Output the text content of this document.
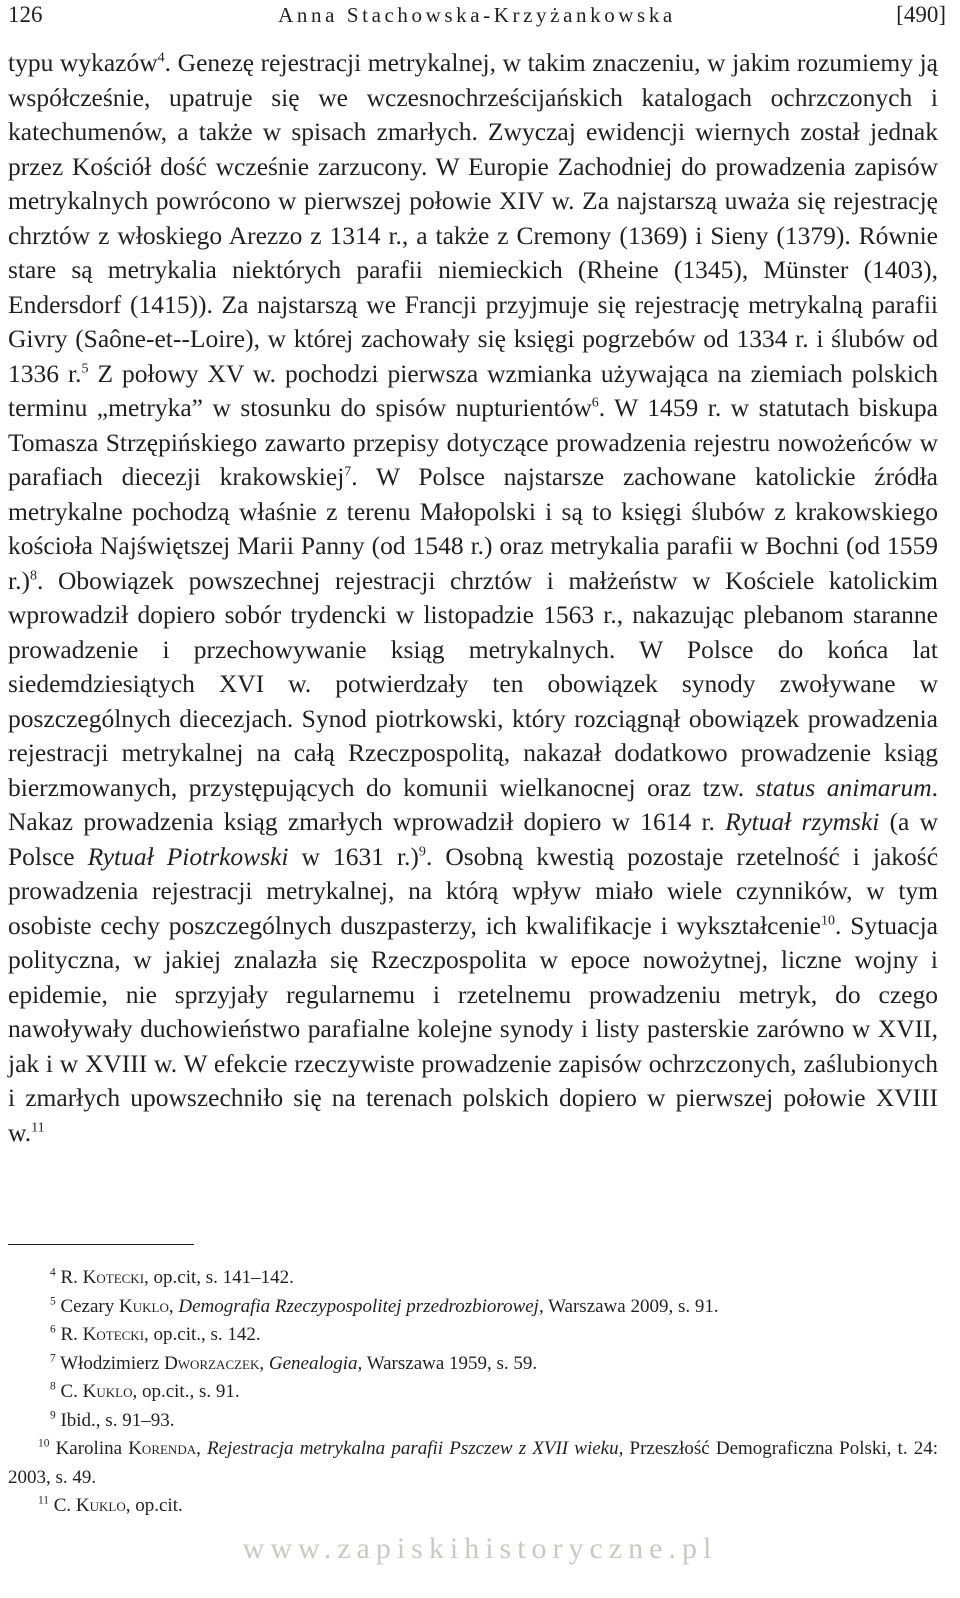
126	Anna Stachowska-Krzyżankowska	[490]

typu wykazów$^4$. Genezę rejestracji metrykalnej, w takim znaczeniu, w jakim rozumiemy ją współcześnie, upatruje się we wczesnochrześcijańskich katalogach ochrzczonych i katechumenów, a także w spisach zmarłych. Zwyczaj ewidencji wiernych został jednak przez Kościół dość wcześnie zarzucony. W Europie Zachodniej do prowadzenia zapisów metrykalnych powrócono w pierwszej połowie XIV w. Za najstarszą uważa się rejestrację chrztów z włoskiego Arezzo z 1314 r., a także z Cremony (1369) i Sieny (1379). Równie stare są metrykalia niektórych parafii niemieckich (Rheine (1345), Münster (1403), Endersdorf (1415)). Za najstarszą we Francji przyjmuje się rejestrację metrykalną parafii Givry (Saône-et--Loire), w której zachowały się księgi pogrzebów od 1334 r. i ślubów od 1336 r.$^5$ Z połowy XV w. pochodzi pierwsza wzmianka używająca na ziemiach polskich terminu „metryka” w stosunku do spisów nupturientów$^6$. W 1459 r. w statutach biskupa Tomasza Strzępińskiego zawarto przepisy dotyczące prowadzenia rejestru nowożeńców w parafiach diecezji krakowskiej$^7$. W Polsce najstarsze zachowane katolickie źródła metrykalne pochodzą właśnie z terenu Małopolski i są to księgi ślubów z krakowskiego kościoła Najświętszej Marii Panny (od 1548 r.) oraz metrykalia parafii w Bochni (od 1559 r.)$^8$. Obowiązek powszechnej rejestracji chrztów i małżeństw w Kościele katolickim wprowadził dopiero sobór trydencki w listopadzie 1563 r., nakazując plebanom staranne prowadzenie i przechowywanie ksiąg metrykalnych. W Polsce do końca lat siedemdziesiątych XVI w. potwierdzały ten obowiązek synody zwoływane w poszczególnych diecezjach. Synod piotrkowski, który rozciągnął obowiązek prowadzenia rejestracji metrykalnej na całą Rzeczpospolitą, nakazał dodatkowo prowadzenie ksiąg bierzmowanych, przystępujących do komunii wielkanocnej oraz tzw. status animarum. Nakaz prowadzenia ksiąg zmarłych wprowadził dopiero w 1614 r. Rytuał rzymski (a w Polsce Rytuał Piotrkowski w 1631 r.)$^9$. Osobną kwestią pozostaje rzetelność i jakość prowadzenia rejestracji metrykalnej, na którą wpływ miało wiele czynników, w tym osobiste cechy poszczególnych duszpasterzy, ich kwalifikacje i wykształcenie$^{10}$. Sytuacja polityczna, w jakiej znalazła się Rzeczpospolita w epoce nowożytnej, liczne wojny i epidemie, nie sprzyjały regularnemu i rzetelnemu prowadzeniu metryk, do czego nawoływały duchowieństwo parafialne kolejne synody i listy pasterskie zarówno w XVII, jak i w XVIII w. W efekcie rzeczywiste prowadzenie zapisów ochrzczonych, zaślubionych i zmarłych upowszechniło się na terenach polskich dopiero w pierwszej połowie XVIII w.$^{11}$

$^4$ R. Kotecki, op.cit, s. 141–142.

$^5$ Cezary Kuklo, Demografia Rzeczypospolitej przedrozbiorowej, Warszawa 2009, s. 91.

$^6$ R. Kotecki, op.cit., s. 142.

$^7$ Włodzimierz Dworzaczek, Genealogia, Warszawa 1959, s. 59.

$^8$ C. Kuklo, op.cit., s. 91.

$^9$ Ibid., s. 91–93.

$^{10}$ Karolina Korenda, Rejestracja metrykalna parafii Pszczew z XVII wieku, Przeszłość Demograficzna Polski, t. 24: 2003, s. 49.

$^{11}$ C. Kuklo, op.cit.

www.zapiskihistoryczne.pl
